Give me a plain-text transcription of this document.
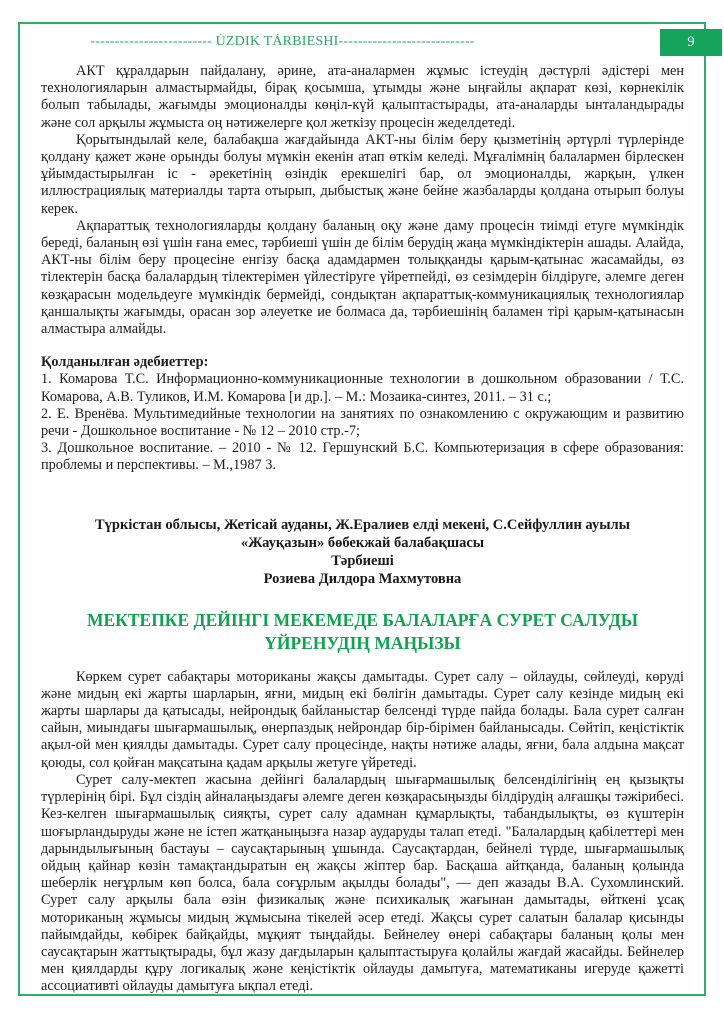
9
------------------------- ÚZDIK TÁRBIESHI----------------------------

АКТ құралдарын пайдалану, әрине, ата-аналармен жұмыс істеудің дәстүрлі әдістері мен технологияларын алмастырмайды, бірақ қосымша, ұтымды және ыңғайлы ақпарат көзі, көрнекілік болып табылады, жағымды эмоционалды көңіл-күй қалыптастырады, ата-аналарды ынталандырады және сол арқылы жұмыста оң нәтижелерге қол жеткізу процесін жеделдетеді.

Қорытындылай келе, балабақша жағдайында АКТ-ны білім беру қызметінің әртүрлі түрлерінде қолдану қажет және орынды болуы мүмкін екенін атап өткім келеді. Мұғалімнің балалармен бірлескен ұйымдастырылған іс - әрекетінің өзіндік ерекшелігі бар, ол эмоционалды, жарқын, үлкен иллюстрациялық материалды тарта отырып, дыбыстық және бейне жазбаларды қолдана отырып болуы керек.

Ақпараттық технологияларды қолдану баланың оқу және даму процесін тиімді етуге мүмкіндік береді, баланың өзі үшін ғана емес, тәрбиеші үшін де білім берудің жаңа мүмкіндіктерін ашады. Алайда, АКТ-ны білім беру процесіне енгізу басқа адамдармен толыққанды қарым-қатынас жасамайды, өз тілектерін басқа балалардың тілектерімен үйлестіруге үйретпейді, өз сезімдерін білдіруге, әлемге деген көзқарасын модельдеуге мүмкіндік бермейді, сондықтан ақпараттық-коммуникациялық технологиялар қаншалықты жағымды, орасан зор әлеуетке ие болмаса да, тәрбиешінің баламен тірі қарым-қатынасын алмастыра алмайды.

Қолданылған әдебиеттер:

1. Комарова Т.С. Информационно-коммуникационные технологии в дошкольном образовании / Т.С. Комарова, А.В. Туликов, И.М. Комарова [и др.]. – М.: Мозаика-синтез, 2011. – 31 с.;

2. Е. Вренёва. Мультимедийные технологии на занятиях по ознакомлению с окружающим и развитию речи - Дошкольное воспитание - № 12 – 2010 стр.-7;

3. Дошкольное воспитание. – 2010 - № 12. Гершунский Б.С. Компьютеризация в сфере образования: проблемы и перспективы. – М.,1987 3.

Түркістан облысы, Жетісай ауданы, Ж.Ералиев елді мекені, С.Сейфуллин ауылы
«Жауқазын» бөбекжай балабақшасы
Тәрбиеші
Розиева Дилдора Махмутовна
МЕКТЕПКЕ ДЕЙІНГІ МЕКЕМЕДЕ БАЛАЛАРҒА СУРЕТ САЛУДЫ ҮЙРЕНУДІҢ МАҢЫЗЫ

Көркем сурет сабақтары моториканы жақсы дамытады. Сурет салу – ойлауды, сөйлеуді, көруді және мидың екі жарты шарларын, яғни, мидың екі бөлігін дамытады. Сурет салу кезінде мидың екі жарты шарлары да қатысады, нейрондық байланыстар белсенді түрде пайда болады. Бала сурет салған сайын, миындағы шығармашылық, өнерпаздық нейрондар бір-бірімен байланысады. Сөйтіп, кеңістіктік ақыл-ой мен қиялды дамытады. Сурет салу процесінде, нақты нәтиже алады, яғни, бала алдына мақсат қоюды, сол қойған мақсатына қадам арқылы жетуге үйретеді.

Сурет салу-мектеп жасына дейінгі балалардың шығармашылық белсенділігінің ең қызықты түрлерінің бірі. Бұл сіздің айналаңыздағы әлемге деген көзқарасыңызды білдірудің алғашқы тәжірибесі. Кез-келген шығармашылық сияқты, сурет салу адамнан құмарлықты, табандылықты, өз күштерін шоғырландыруды және не істеп жатқаныңызға назар аударуды талап етеді. "Балалардың қабілеттері мен дарындылығының бастауы – саусақтарының ұшында. Саусақтардан, бейнелі түрде, шығармашылық ойдың қайнар көзін тамақтандыратын ең жақсы жіптер бар. Басқаша айтқанда, баланың қолында шеберлік неғұрлым көп болса, бала соғұрлым ақылды болады", — деп жазады В.А. Сухомлинский. Сурет салу арқылы бала өзін физикалық және психикалық жағынан дамытады, өйткені ұсақ моториканың жұмысы мидың жұмысына тікелей әсер етеді. Жақсы сурет салатын балалар қисынды пайымдайды, көбірек байқайды, мұқият тыңдайды. Бейнелеу өнері сабақтары баланың қолы мен саусақтарын жаттықтырады, бұл жазу дағдыларын қалыптастыруға қолайлы жағдай жасайды. Бейнелер мен қиялдарды құру логикалық және кеңістіктік ойлауды дамытуға, математиканы игеруде қажетті ассоциативті ойлауды дамытуға ықпал етеді.
